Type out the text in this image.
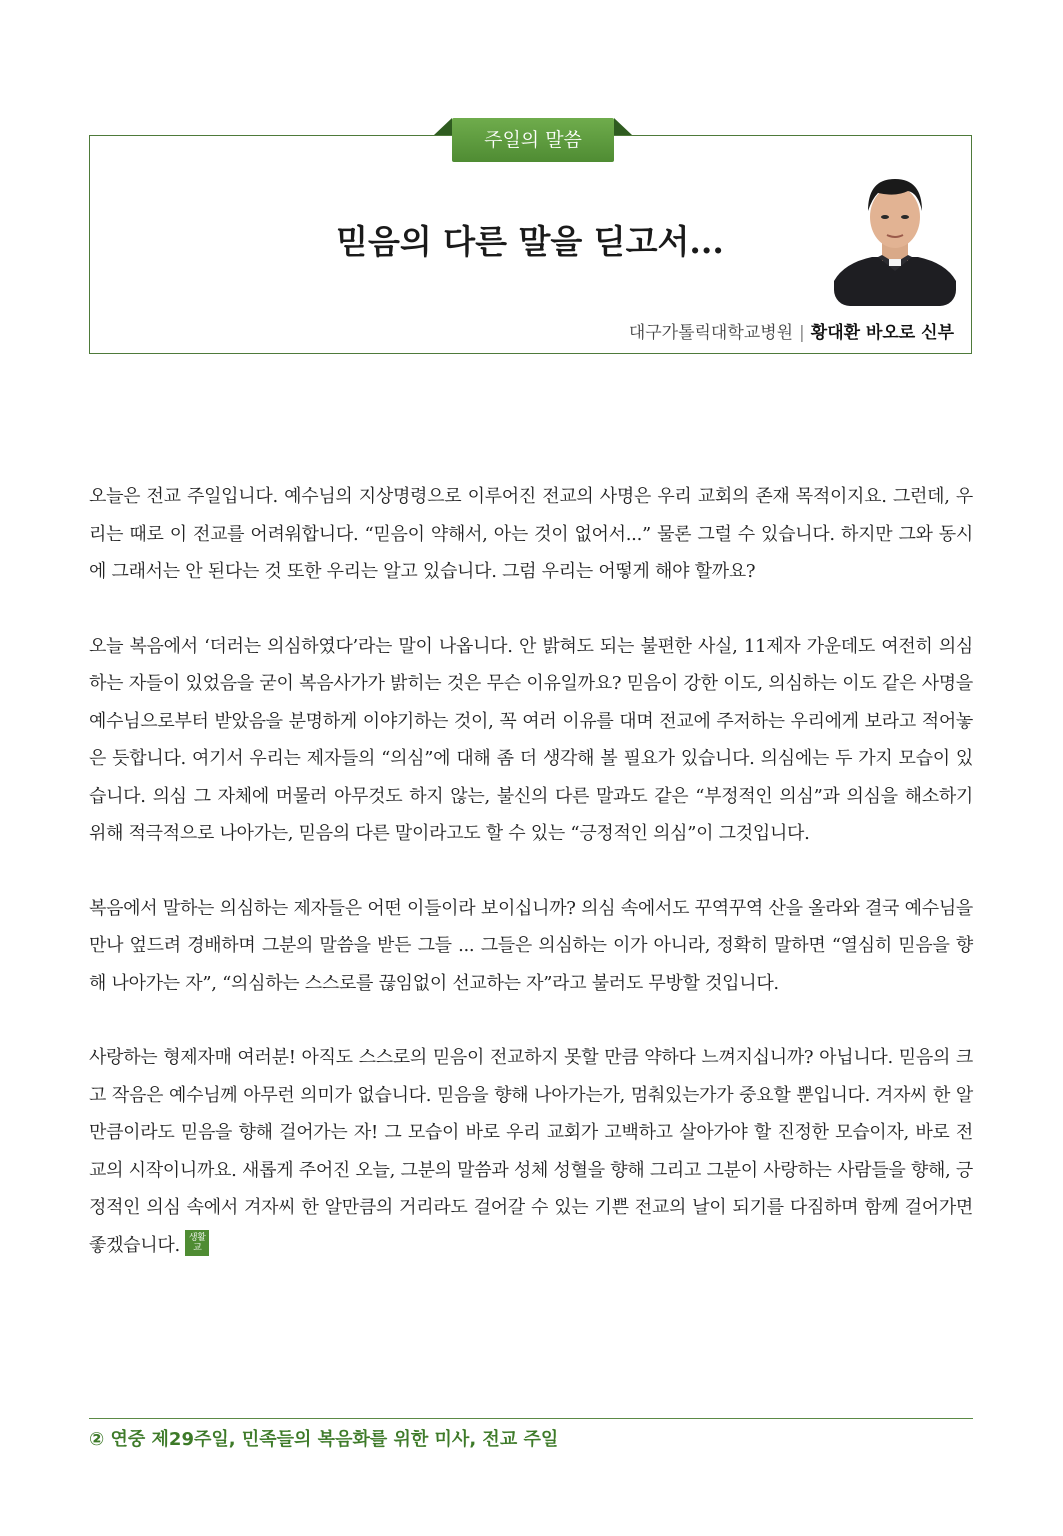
주일의 말씀
믿음의 다른 말을 딛고서...
대구가톨릭대학교병원 | 황대환 바오로 신부

오늘은 전교 주일입니다. 예수님의 지상명령으로 이루어진 전교의 사명은 우리 교회의 존재 목적이지요. 그런데, 우리는 때로 이 전교를 어려워합니다. “믿음이 약해서, 아는 것이 없어서...” 물론 그럴 수 있습니다. 하지만 그와 동시에 그래서는 안 된다는 것 또한 우리는 알고 있습니다. 그럼 우리는 어떻게 해야 할까요?

오늘 복음에서 ‘더러는 의심하였다’라는 말이 나옵니다. 안 밝혀도 되는 불편한 사실, 11제자 가운데도 여전히 의심하는 자들이 있었음을 굳이 복음사가가 밝히는 것은 무슨 이유일까요? 믿음이 강한 이도, 의심하는 이도 같은 사명을 예수님으로부터 받았음을 분명하게 이야기하는 것이, 꼭 여러 이유를 대며 전교에 주저하는 우리에게 보라고 적어놓은 듯합니다. 여기서 우리는 제자들의 “의심”에 대해 좀 더 생각해 볼 필요가 있습니다. 의심에는 두 가지 모습이 있습니다. 의심 그 자체에 머물러 아무것도 하지 않는, 불신의 다른 말과도 같은 “부정적인 의심”과 의심을 해소하기 위해 적극적으로 나아가는, 믿음의 다른 말이라고도 할 수 있는 “긍정적인 의심”이 그것입니다.

복음에서 말하는 의심하는 제자들은 어떤 이들이라 보이십니까? 의심 속에서도 꾸역꾸역 산을 올라와 결국 예수님을 만나 엎드려 경배하며 그분의 말씀을 받든 그들 ... 그들은 의심하는 이가 아니라, 정확히 말하면 “열심히 믿음을 향해 나아가는 자”, “의심하는 스스로를 끊임없이 선교하는 자”라고 불러도 무방할 것입니다.

사랑하는 형제자매 여러분! 아직도 스스로의 믿음이 전교하지 못할 만큼 약하다 느껴지십니까? 아닙니다. 믿음의 크고 작음은 예수님께 아무런 의미가 없습니다. 믿음을 향해 나아가는가, 멈춰있는가가 중요할 뿐입니다. 겨자씨 한 알만큼이라도 믿음을 향해 걸어가는 자! 그 모습이 바로 우리 교회가 고백하고 살아가야 할 진정한 모습이자, 바로 전교의 시작이니까요. 새롭게 주어진 오늘, 그분의 말씀과 성체 성혈을 향해 그리고 그분이 사랑하는 사람들을 향해, 긍정적인 의심 속에서 겨자씨 한 알만큼의 거리라도 걸어갈 수 있는 기쁜 전교의 날이 되기를 다짐하며 함께 걸어가면 좋겠습니다. 생활교

② 연중 제29주일, 민족들의 복음화를 위한 미사, 전교 주일
